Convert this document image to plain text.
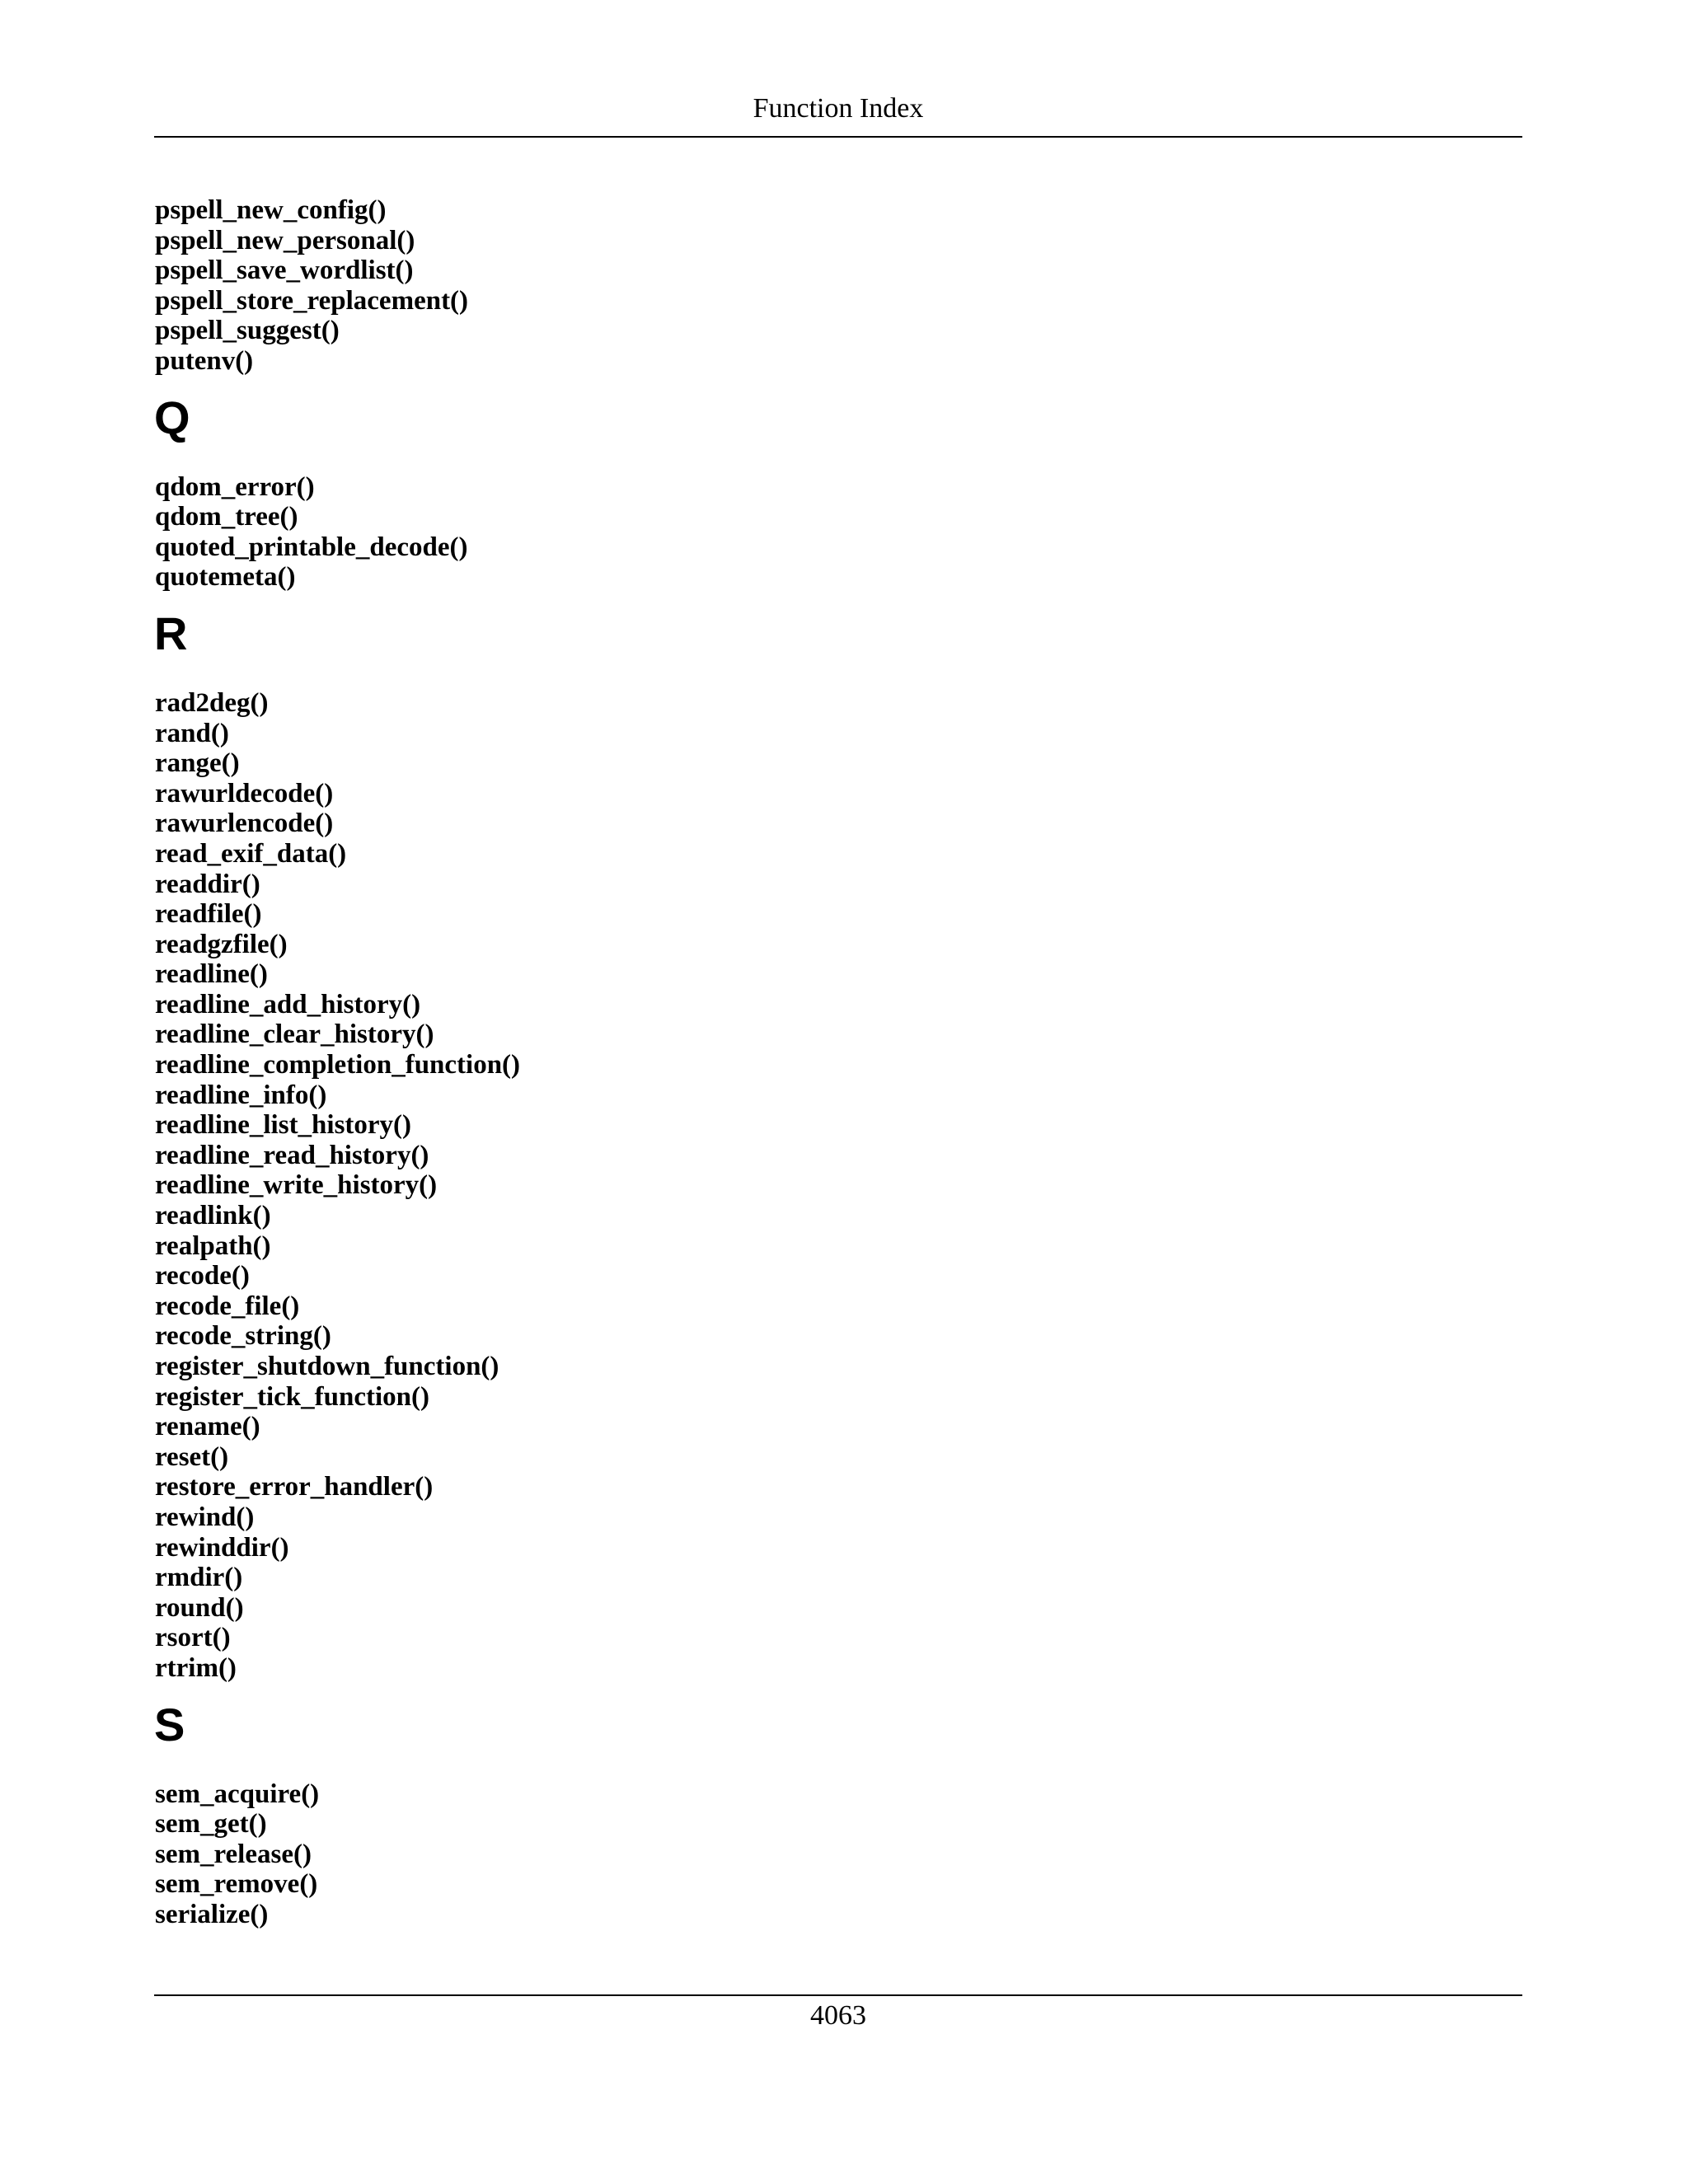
Function Index
pspell_new_config()
pspell_new_personal()
pspell_save_wordlist()
pspell_store_replacement()
pspell_suggest()
putenv()
Q
qdom_error()
qdom_tree()
quoted_printable_decode()
quotemeta()
R
rad2deg()
rand()
range()
rawurldecode()
rawurlencode()
read_exif_data()
readdir()
readfile()
readgzfile()
readline()
readline_add_history()
readline_clear_history()
readline_completion_function()
readline_info()
readline_list_history()
readline_read_history()
readline_write_history()
readlink()
realpath()
recode()
recode_file()
recode_string()
register_shutdown_function()
register_tick_function()
rename()
reset()
restore_error_handler()
rewind()
rewinddir()
rmdir()
round()
rsort()
rtrim()
S
sem_acquire()
sem_get()
sem_release()
sem_remove()
serialize()
4063
